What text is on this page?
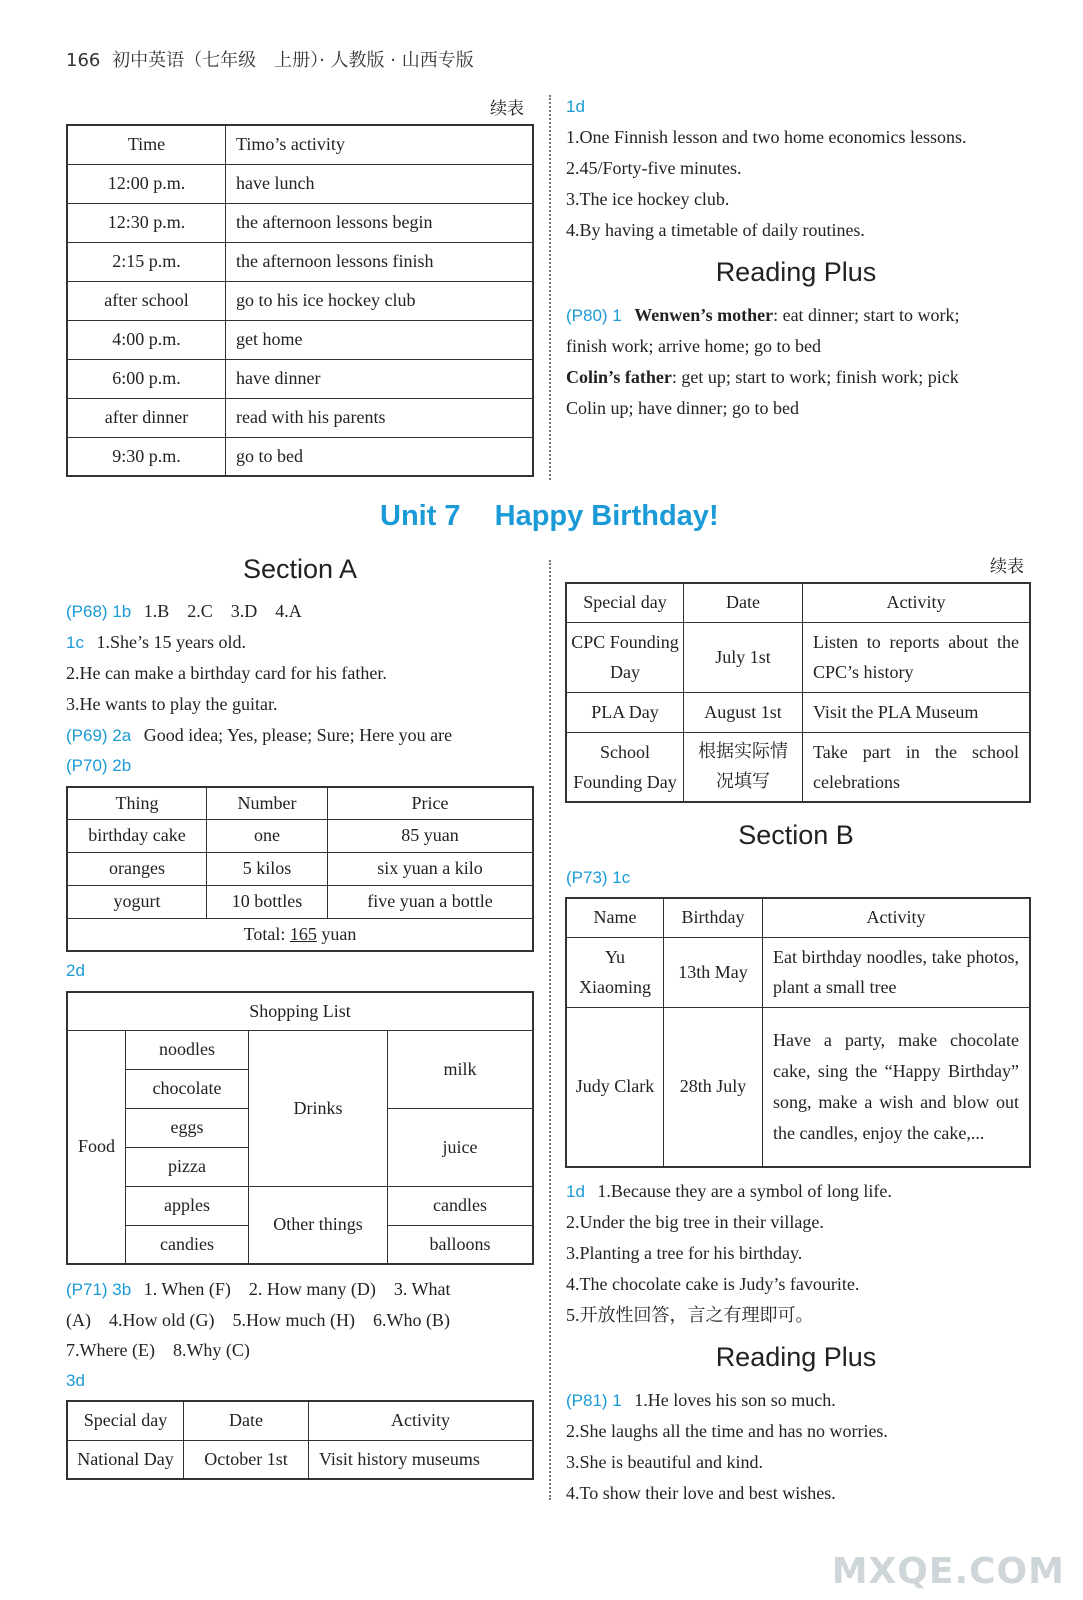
166 初中英语（七年级　上册）· 人教版 · 山西专版
续表
Time	Timo’s activity
12:00 p.m.	have lunch
12:30 p.m.	the afternoon lessons begin
2:15 p.m.	the afternoon lessons finish
after school	go to his ice hockey club
4:00 p.m.	get home
6:00 p.m.	have dinner
after dinner	read with his parents
9:30 p.m.	go to bed
1d
1.One Finnish lesson and two home economics lessons.
2.45/Forty-five minutes.
3.The ice hockey club.
4.By having a timetable of daily routines.
Reading Plus
(P80) 1 Wenwen’s mother: eat dinner; start to work;
finish work; arrive home; go to bed
Colin’s father: get up; start to work; finish work; pick
Colin up; have dinner; go to bed
Unit 7 Happy Birthday!
Section A
(P68) 1b 1.B　2.C　3.D　4.A
1c 1.She’s 15 years old.
2.He can make a birthday card for his father.
3.He wants to play the guitar.
(P69) 2a Good idea; Yes, please; Sure; Here you are
(P70) 2b
Thing	Number	Price
birthday cake	one	85 yuan
oranges	5 kilos	six yuan a kilo
yogurt	10 bottles	five yuan a bottle
Total: 165 yuan		
2d
Shopping List			
Food	noodles	Drinks	milk
	chocolate		
	eggs		juice
	pizza		
	apples	Other things	candles
	candies		balloons
(P71) 3b 1. When (F)　2. How many (D)　3. What
(A)　4.How old (G)　5.How much (H)　6.Who (B)
7.Where (E)　8.Why (C)
3d
Special day	Date	Activity
National Day	October 1st	Visit history museums
续表
Special day	Date	Activity
CPC Founding Day	July 1st	Listen to reports about the CPC’s history
PLA Day	August 1st	Visit the PLA Museum
School Founding Day	根据实际情况填写	Take part in the school celebrations
Section B
(P73) 1c
Name	Birthday	Activity
Yu Xiaoming	13th May	Eat birthday noodles, take photos, plant a small tree
Judy Clark	28th July	Have a party, make chocolate cake, sing the “Happy Birthday” song, make a wish and blow out the candles, enjoy the cake,...
1d 1.Because they are a symbol of long life.
2.Under the big tree in their village.
3.Planting a tree for his birthday.
4.The chocolate cake is Judy’s favourite.
5.开放性回答，言之有理即可。
Reading Plus
(P81) 1 1.He loves his son so much.
2.She laughs all the time and has no worries.
3.She is beautiful and kind.
4.To show their love and best wishes.
MXQE.COM
